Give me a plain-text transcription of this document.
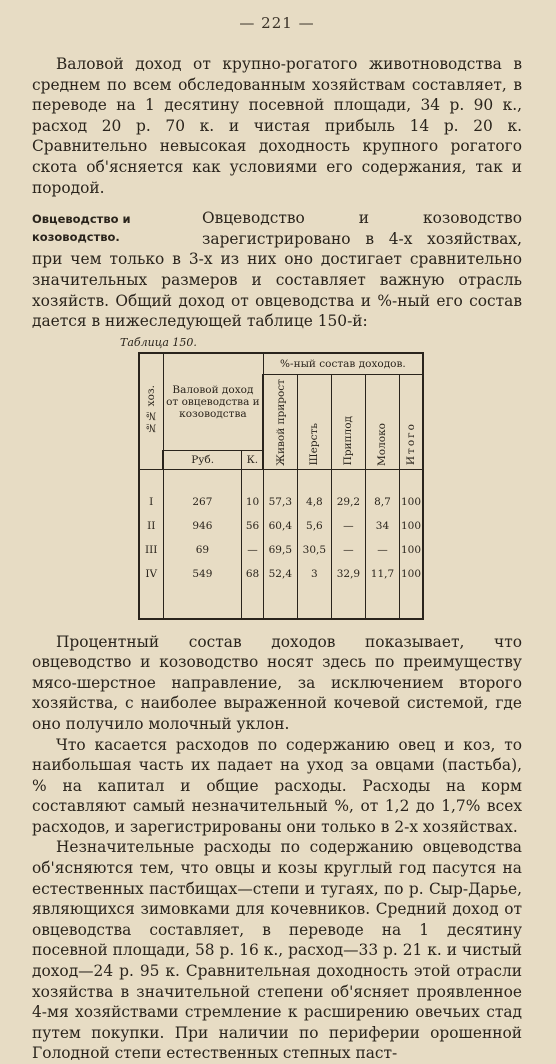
— 221 —

Валовой доход от крупно-рогатого животноводства в среднем по всем обследованным хозяйствам составляет, в переводе на 1 десятину посевной площади, 34 р. 90 к., расход 20 р. 70 к. и чистая прибыль 14 р. 20 к. Сравнительно невысокая доходность крупного рогатого скота об'ясняется как условиями его содержания, так и породой.

Овцеводство и козоводство.

Овцеводство и козоводство зарегистрировано в 4-х хозяйствах, при чем только в 3-х из них оно достигает сравнительно значительных размеров и составляет важную отрасль хозяйств. Общий доход от овцеводства и %-ный его состав дается в нижеследующей таблице 150-й:

Таблица 150.
№№ хоз.	Валовой доход от овцеводства и козоводства		%-ный состав доходов.				
			Живой прирост	Шерсть	Приплод	Молоко	Итого
	Руб.	К.					

I	267	10	57,3	4,8	29,2	8,7	100
II	946	56	60,4	5,6	—	34	100
III	69	—	69,5	30,5	—	—	100
IV	549	68	52,4	3	32,9	11,7	100

Процентный состав доходов показывает, что овцеводство и козоводство носят здесь по преимуществу мясо-шерстное направление, за исключением второго хозяйства, с наиболее выраженной кочевой системой, где оно получило молочный уклон.

Что касается расходов по содержанию овец и коз, то наибольшая часть их падает на уход за овцами (пастьба), % на капитал и общие расходы. Расходы на корм составляют самый незначительный %, от 1,2 до 1,7% всех расходов, и зарегистрированы они только в 2-х хозяйствах.

Незначительные расходы по содержанию овцеводства об'ясняются тем, что овцы и козы круглый год пасутся на естественных пастбищах—степи и тугаях, по р. Сыр-Дарье, являющихся зимовками для кочевников. Средний доход от овцеводства составляет, в переводе на 1 десятину посевной площади, 58 р. 16 к., расход—33 р. 21 к. и чистый доход—24 р. 95 к. Сравнительная доходность этой отрасли хозяйства в значительной степени об'ясняет проявленное 4-мя хозяйствами стремление к расширению овечьих стад путем покупки. При наличии по периферии орошенной Голодной степи естественных степных паст-
